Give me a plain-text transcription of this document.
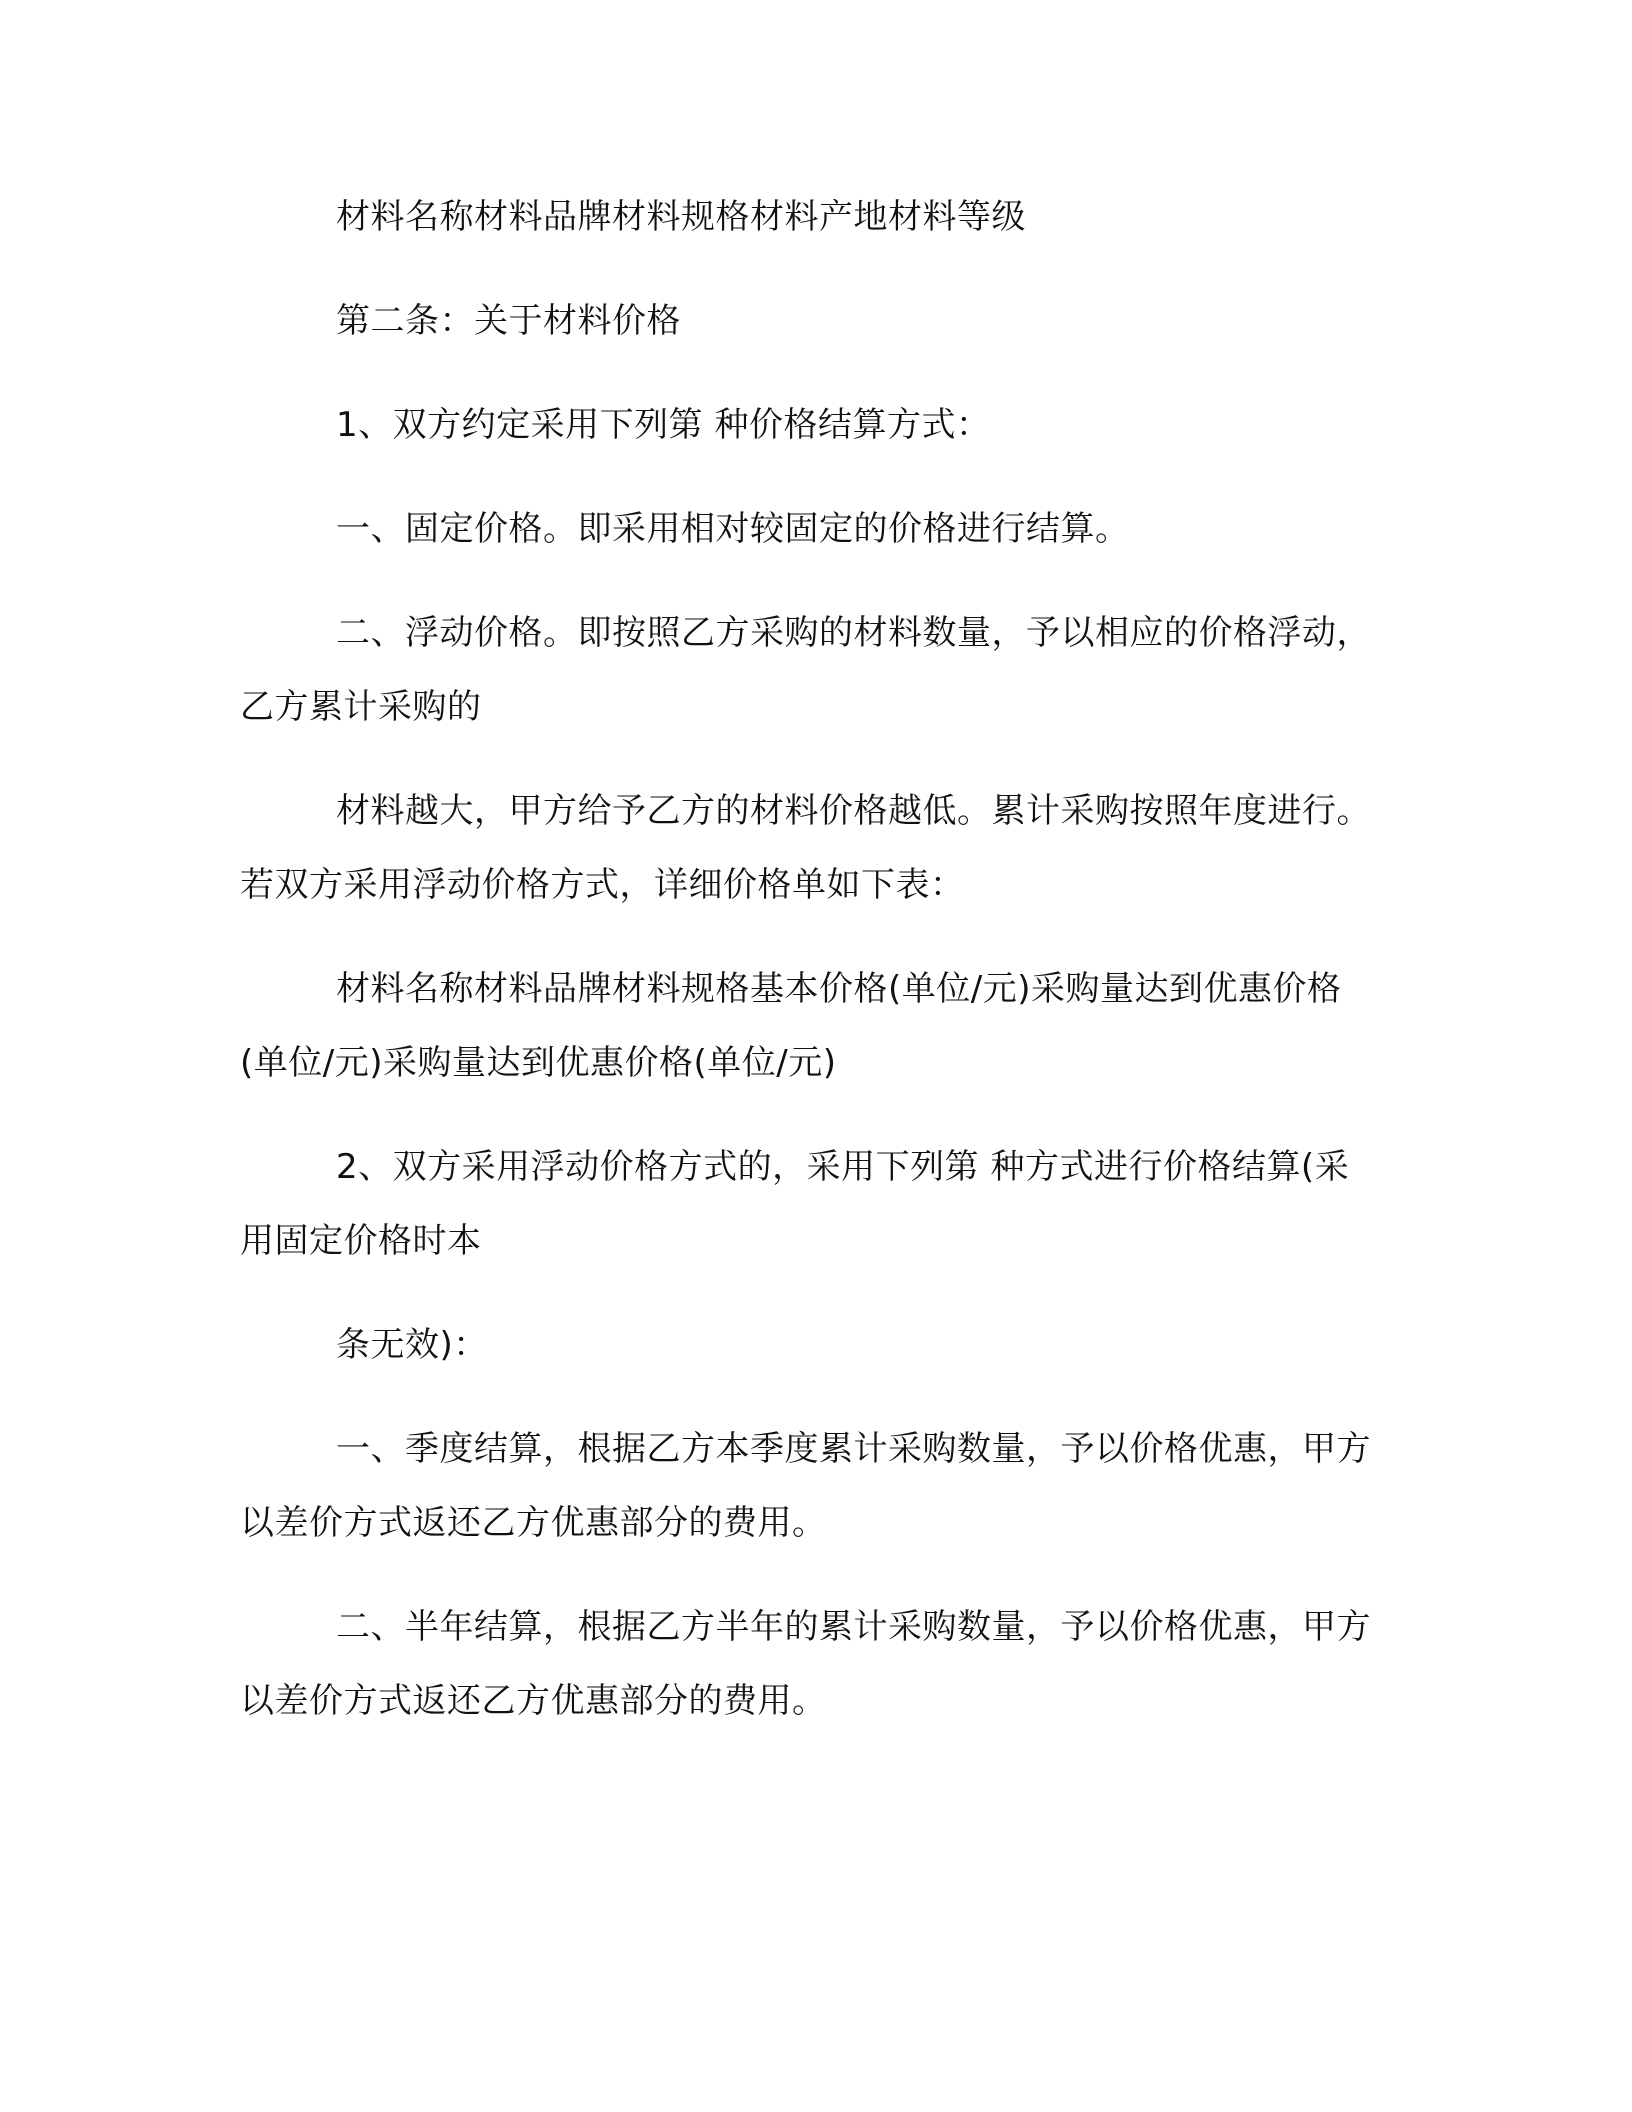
材料名称材料品牌材料规格材料产地材料等级

第二条：关于材料价格

1、双方约定采用下列第 种价格结算方式：

一、固定价格。即采用相对较固定的价格进行结算。

二、浮动价格。即按照乙方采购的材料数量，予以相应的价格浮动，乙方累计采购的

材料越大，甲方给予乙方的材料价格越低。累计采购按照年度进行。若双方采用浮动价格方式，详细价格单如下表：

材料名称材料品牌材料规格基本价格(单位/元)采购量达到优惠价格(单位/元)采购量达到优惠价格(单位/元)

2、双方采用浮动价格方式的，采用下列第 种方式进行价格结算(采用固定价格时本

条无效)：

一、季度结算，根据乙方本季度累计采购数量，予以价格优惠，甲方以差价方式返还乙方优惠部分的费用。

二、半年结算，根据乙方半年的累计采购数量，予以价格优惠，甲方以差价方式返还乙方优惠部分的费用。
